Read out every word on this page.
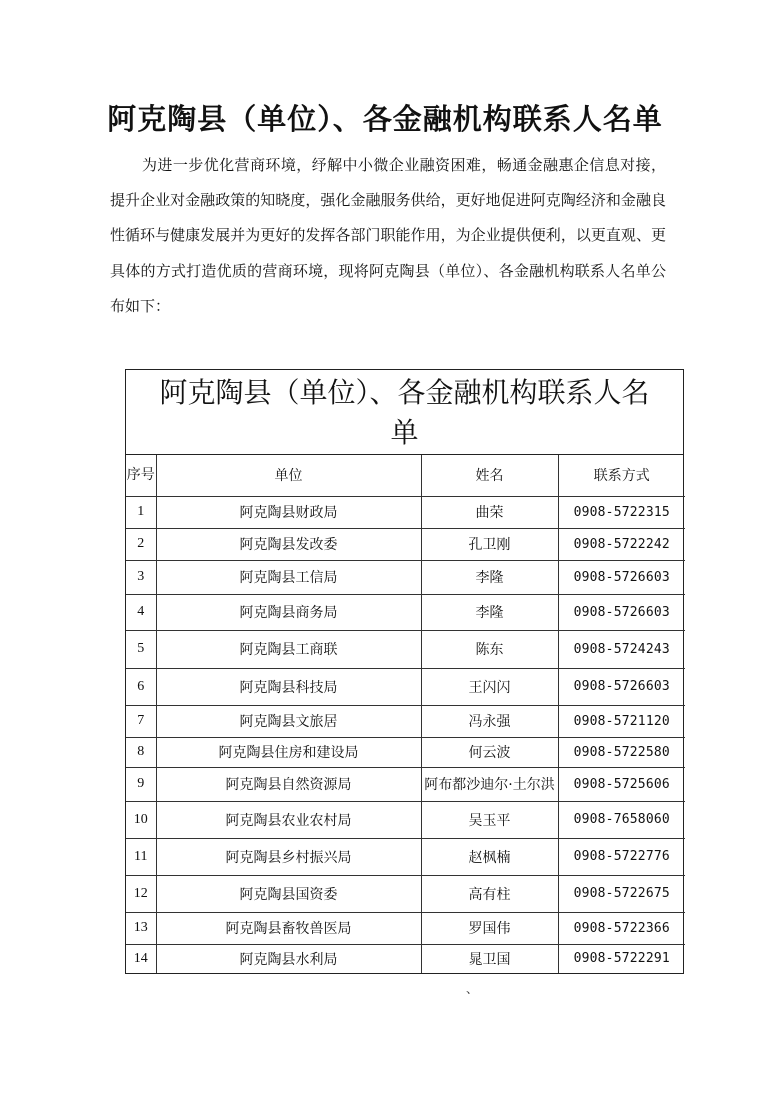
阿克陶县（单位）、各金融机构联系人名单

为进一步优化营商环境，纾解中小微企业融资困难，畅通金融惠企信息对接，提升企业对金融政策的知晓度，强化金融服务供给，更好地促进阿克陶经济和金融良性循环与健康发展并为更好的发挥各部门职能作用，为企业提供便利，以更直观、更具体的方式打造优质的营商环境，现将阿克陶县（单位）、各金融机构联系人名单公布如下：

阿克陶县（单位）、各金融机构联系人名单
序号	单位	姓名	联系方式
1	阿克陶县财政局	曲荣	0908-5722315
2	阿克陶县发改委	孔卫刚	0908-5722242
3	阿克陶县工信局	李隆	0908-5726603
4	阿克陶县商务局	李隆	0908-5726603
5	阿克陶县工商联	陈东	0908-5724243
6	阿克陶县科技局	王闪闪	0908-5726603
7	阿克陶县文旅居	冯永强	0908-5721120
8	阿克陶县住房和建设局	何云波	0908-5722580
9	阿克陶县自然资源局	阿布都沙迪尔·土尔洪	0908-5725606
10	阿克陶县农业农村局	吴玉平	0908-7658060
11	阿克陶县乡村振兴局	赵枫楠	0908-5722776
12	阿克陶县国资委	高有柱	0908-5722675
13	阿克陶县畜牧兽医局	罗国伟	0908-5722366
14	阿克陶县水利局	晁卫国	0908-5722291
、
